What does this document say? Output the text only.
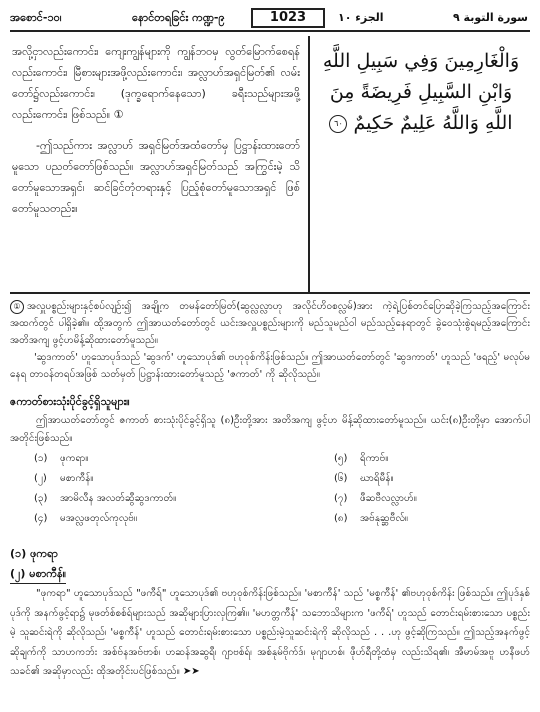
အစောင်-၁၀၊	နောင်တရခြင်း ကဏ္ဍ-၉	1023	الجزء ١٠	سورة التوبة ٩

အလို့ငှာလည်းကောင်း၊ ကျေးကျွန်များကို ကျွန်ဘဝမှ လွတ်မြောက်စေရန်လည်းကောင်း၊ မြီစားများအဖို့လည်းကောင်း၊ အလ္လာဟ်အရှင်မြတ်၏ လမ်းတော်၌လည်းကောင်း၊ (ဒုက္ခရောက်နေသော) ခရီးသည်များအဖို့လည်းကောင်း၊ ဖြစ်သည်။ ①

-ဤသည်ကား အလ္လာဟ် အရှင်မြတ်အထံတော်မှ ပြဋ္ဌာန်းထားတော်မူသော ပညတ်တော်ဖြစ်သည်။ အလ္လာဟ်အရှင်မြတ်သည် အကြွင်းမဲ့ သိတော်မူသောအရှင်၊ ဆင်ခြင်တုံတရားနှင့် ပြည့်စုံတော်မူသောအရှင် ဖြစ်တော်မူသတည်း။

وَالْغَارِمِينَ وَفِي سَبِيلِ اللَّهِ وَابْنِ السَّبِيلِ فَرِيضَةً مِنَ اللَّهِ وَاللَّهُ عَلِيمٌ حَكِيمٌ ٦٠

① အလှူပစ္စည်းများနှင့်စပ်လျဉ်း၍ အချို့က တမန်တော်မြတ်(ဆွလ္လလ္လာဟု အလိုင်ဟိဝစလ္လမ်)အား ကဲ့ရဲ့ပြစ်တင်ပြောဆိုခဲ့ကြသည့်အကြောင်း အထက်တွင် ပါရှိခဲ့၏။ ထို့အတွက် ဤအာယတ်တော်တွင် ယင်းအလှူပစ္စည်းများကို မည်သူမည်ဝါ မည်သည့်နေရာတွင် ခွဲဝေသုံးစွဲရမည့်အကြောင်း အတိအကျ ဖွင့်ဟမိန့်ဆိုထားတော်မူသည်။

'ဆွဒကာတ်' ဟူသောပုဒ်သည် 'ဆွဒက်' ဟူသောပုဒ်၏ ဗဟုဝုစ်ကိန်းဖြစ်သည်။ ဤအာယတ်တော်တွင် 'ဆွဒကာတ်' ဟူသည် 'ဖရည့်' မလုပ်မနေရ တာဝန်တရပ်အဖြစ် သတ်မှတ် ပြဋ္ဌာန်းထားတော်မူသည့် 'ဇကာတ်' ကို ဆိုလိုသည်။

ဇကာတ်စားသုံးပိုင်ခွင့်ရှိသူများ။
ဤအာယတ်တော်တွင် ဇကာတ် စားသုံးပိုင်ခွင့်ရှိသူ (၈)ဦးတို့အား အတိအကျ ဖွင့်ဟ မိန့်ဆိုထားတော်မူသည်။ ယင်း(၈)ဦးတို့မှာ အောက်ပါအတိုင်းဖြစ်သည်။
(၁) ဖုကရာ။
(၂) မစာကီန်။
(၃) အာမိလီန အလတ်ဆွီဆွဒကာတ်။
(၄) မအလ္လဖတုလ်ကုလုဗ်။
(၅) ရိကာဗ်။
(၆) ဃာရိမီန်။
(၇) ဖီဆဗီလလ္လာဟ်။
(၈) အဗ်နုဆ္ဆဗီလ်။
(၁) ဖုကရာ
(၂) မစာကီန်။
"ဖုကရာ" ဟူသောပုဒ်သည် "ဖကီရ်" ဟူသောပုဒ်၏ ဗဟုဝုစ်ကိန်းဖြစ်သည်။ 'မစာကီန်' သည် 'မစ္စကီန်' ၏ဗဟုဝုစ်ကိန်း ဖြစ်သည်။ ဤပုဒ်နှစ်ပုဒ်ကို အနက်ဖွင့်ရာ၌ မုဖတ်စ်စစ်ရ်များသည် အဆိုများပြားလှကြ၏။ 'မဟတ္တကီန်' သဘောသိများက 'ဖကီရ်' ဟူသည် တောင်းရမ်းစားသော ပစ္စည်းမဲ့ သူဆင်းရဲကို ဆိုလိုသည်၊ 'မစ္စကီန်' ဟူသည် တောင်းရမ်းစားသော ပစ္စည်းမဲ့သူဆင်းရဲကို ဆိုလိုသည် . . .ဟု ဖွင့်ဆိုကြသည်။ ဤသည့်အနက်ဖွင့်ဆိုချက်ကို သာဟကဘ်း အစ်ဗ်နအဗ်ဗာစ်၊ ဟဆန်အဆွရီ၊ ဂျာဗစ်ရ်၊ အစ်နုမ်ဗိုက်ဒ်၊ မုဂျာဟစ်၊ ဖီုဟ်ရီတို့ထံမှ လည်းသိရ၏၊ အီမာမ်အဗူ ဟနီဖဟ်သခင်၏ အဆိုမှာလည်း ထိုအတိုင်းပင်ဖြစ်သည်။ ➤➤
